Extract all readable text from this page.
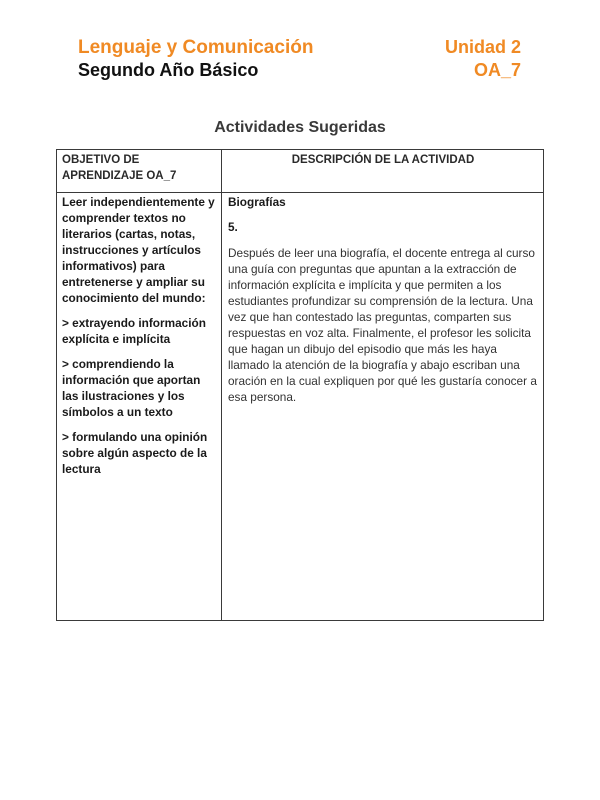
Lenguaje y Comunicación

Segundo Año Básico

Unidad 2

OA_7

Actividades Sugeridas
OBJETIVO DE
APRENDIZAJE OA_7
DESCRIPCIÓN DE LA ACTIVIDAD

Leer independientemente y comprender textos no literarios (cartas, notas, instrucciones y artículos informativos) para entretenerse y ampliar su conocimiento del mundo:

> extrayendo información explícita e implícita

> comprendiendo la información que aportan las ilustraciones y los símbolos a un texto

> formulando una opinión sobre algún aspecto de la lectura

Biografías

5.

Después de leer una biografía, el docente entrega al curso una guía con preguntas que apuntan a la extracción de información explícita e implícita y que permiten a los estudiantes profundizar su comprensión de la lectura. Una vez que han contestado las preguntas, comparten sus respuestas en voz alta. Finalmente, el profesor les solicita que hagan un dibujo del episodio que más les haya llamado la atención de la biografía y abajo escriban una oración en la cual expliquen por qué les gustaría conocer a esa persona.
